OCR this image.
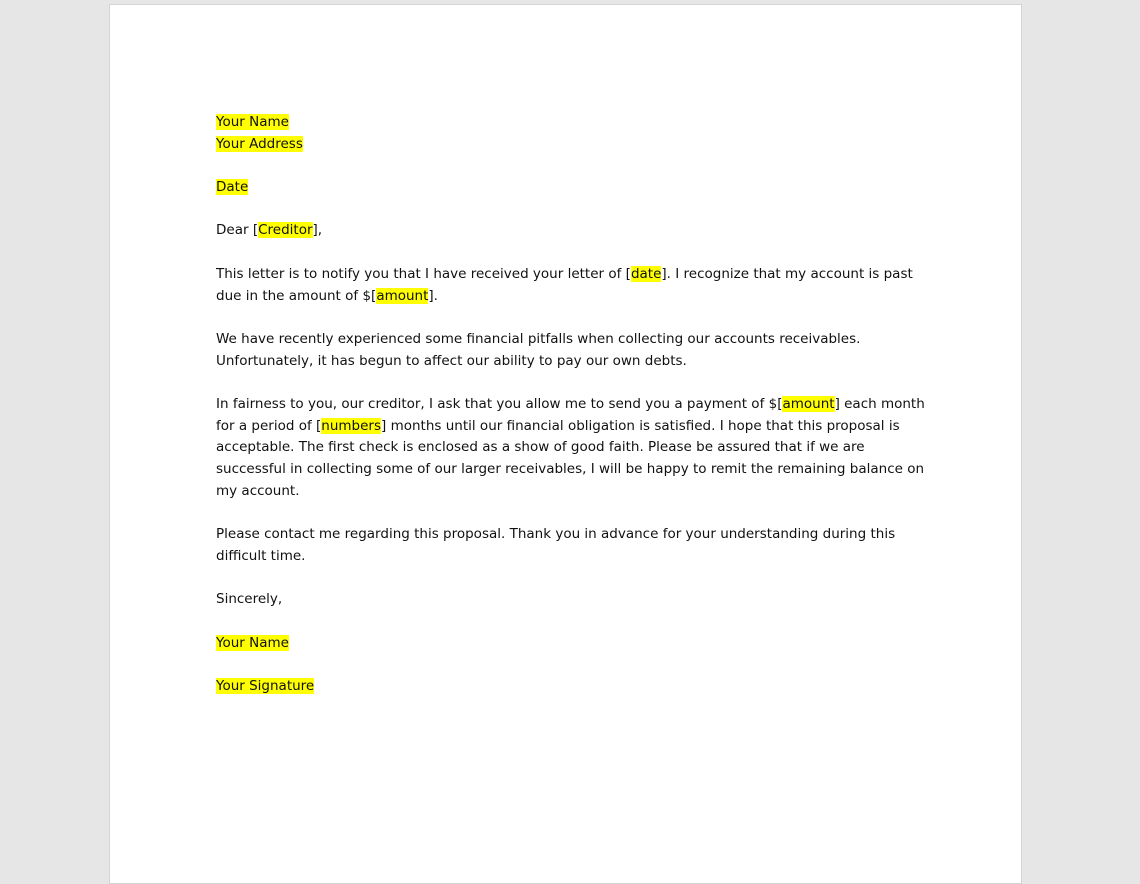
Your Name
Your Address

Date

Dear [Creditor],

This letter is to notify you that I have received your letter of [date]. I recognize that my account is past
due in the amount of $[amount].

We have recently experienced some financial pitfalls when collecting our accounts receivables.
Unfortunately, it has begun to affect our ability to pay our own debts.

In fairness to you, our creditor, I ask that you allow me to send you a payment of $[amount] each month
for a period of [numbers] months until our financial obligation is satisfied. I hope that this proposal is
acceptable. The first check is enclosed as a show of good faith. Please be assured that if we are
successful in collecting some of our larger receivables, I will be happy to remit the remaining balance on
my account.

Please contact me regarding this proposal. Thank you in advance for your understanding during this
difficult time.

Sincerely,

Your Name

Your Signature
